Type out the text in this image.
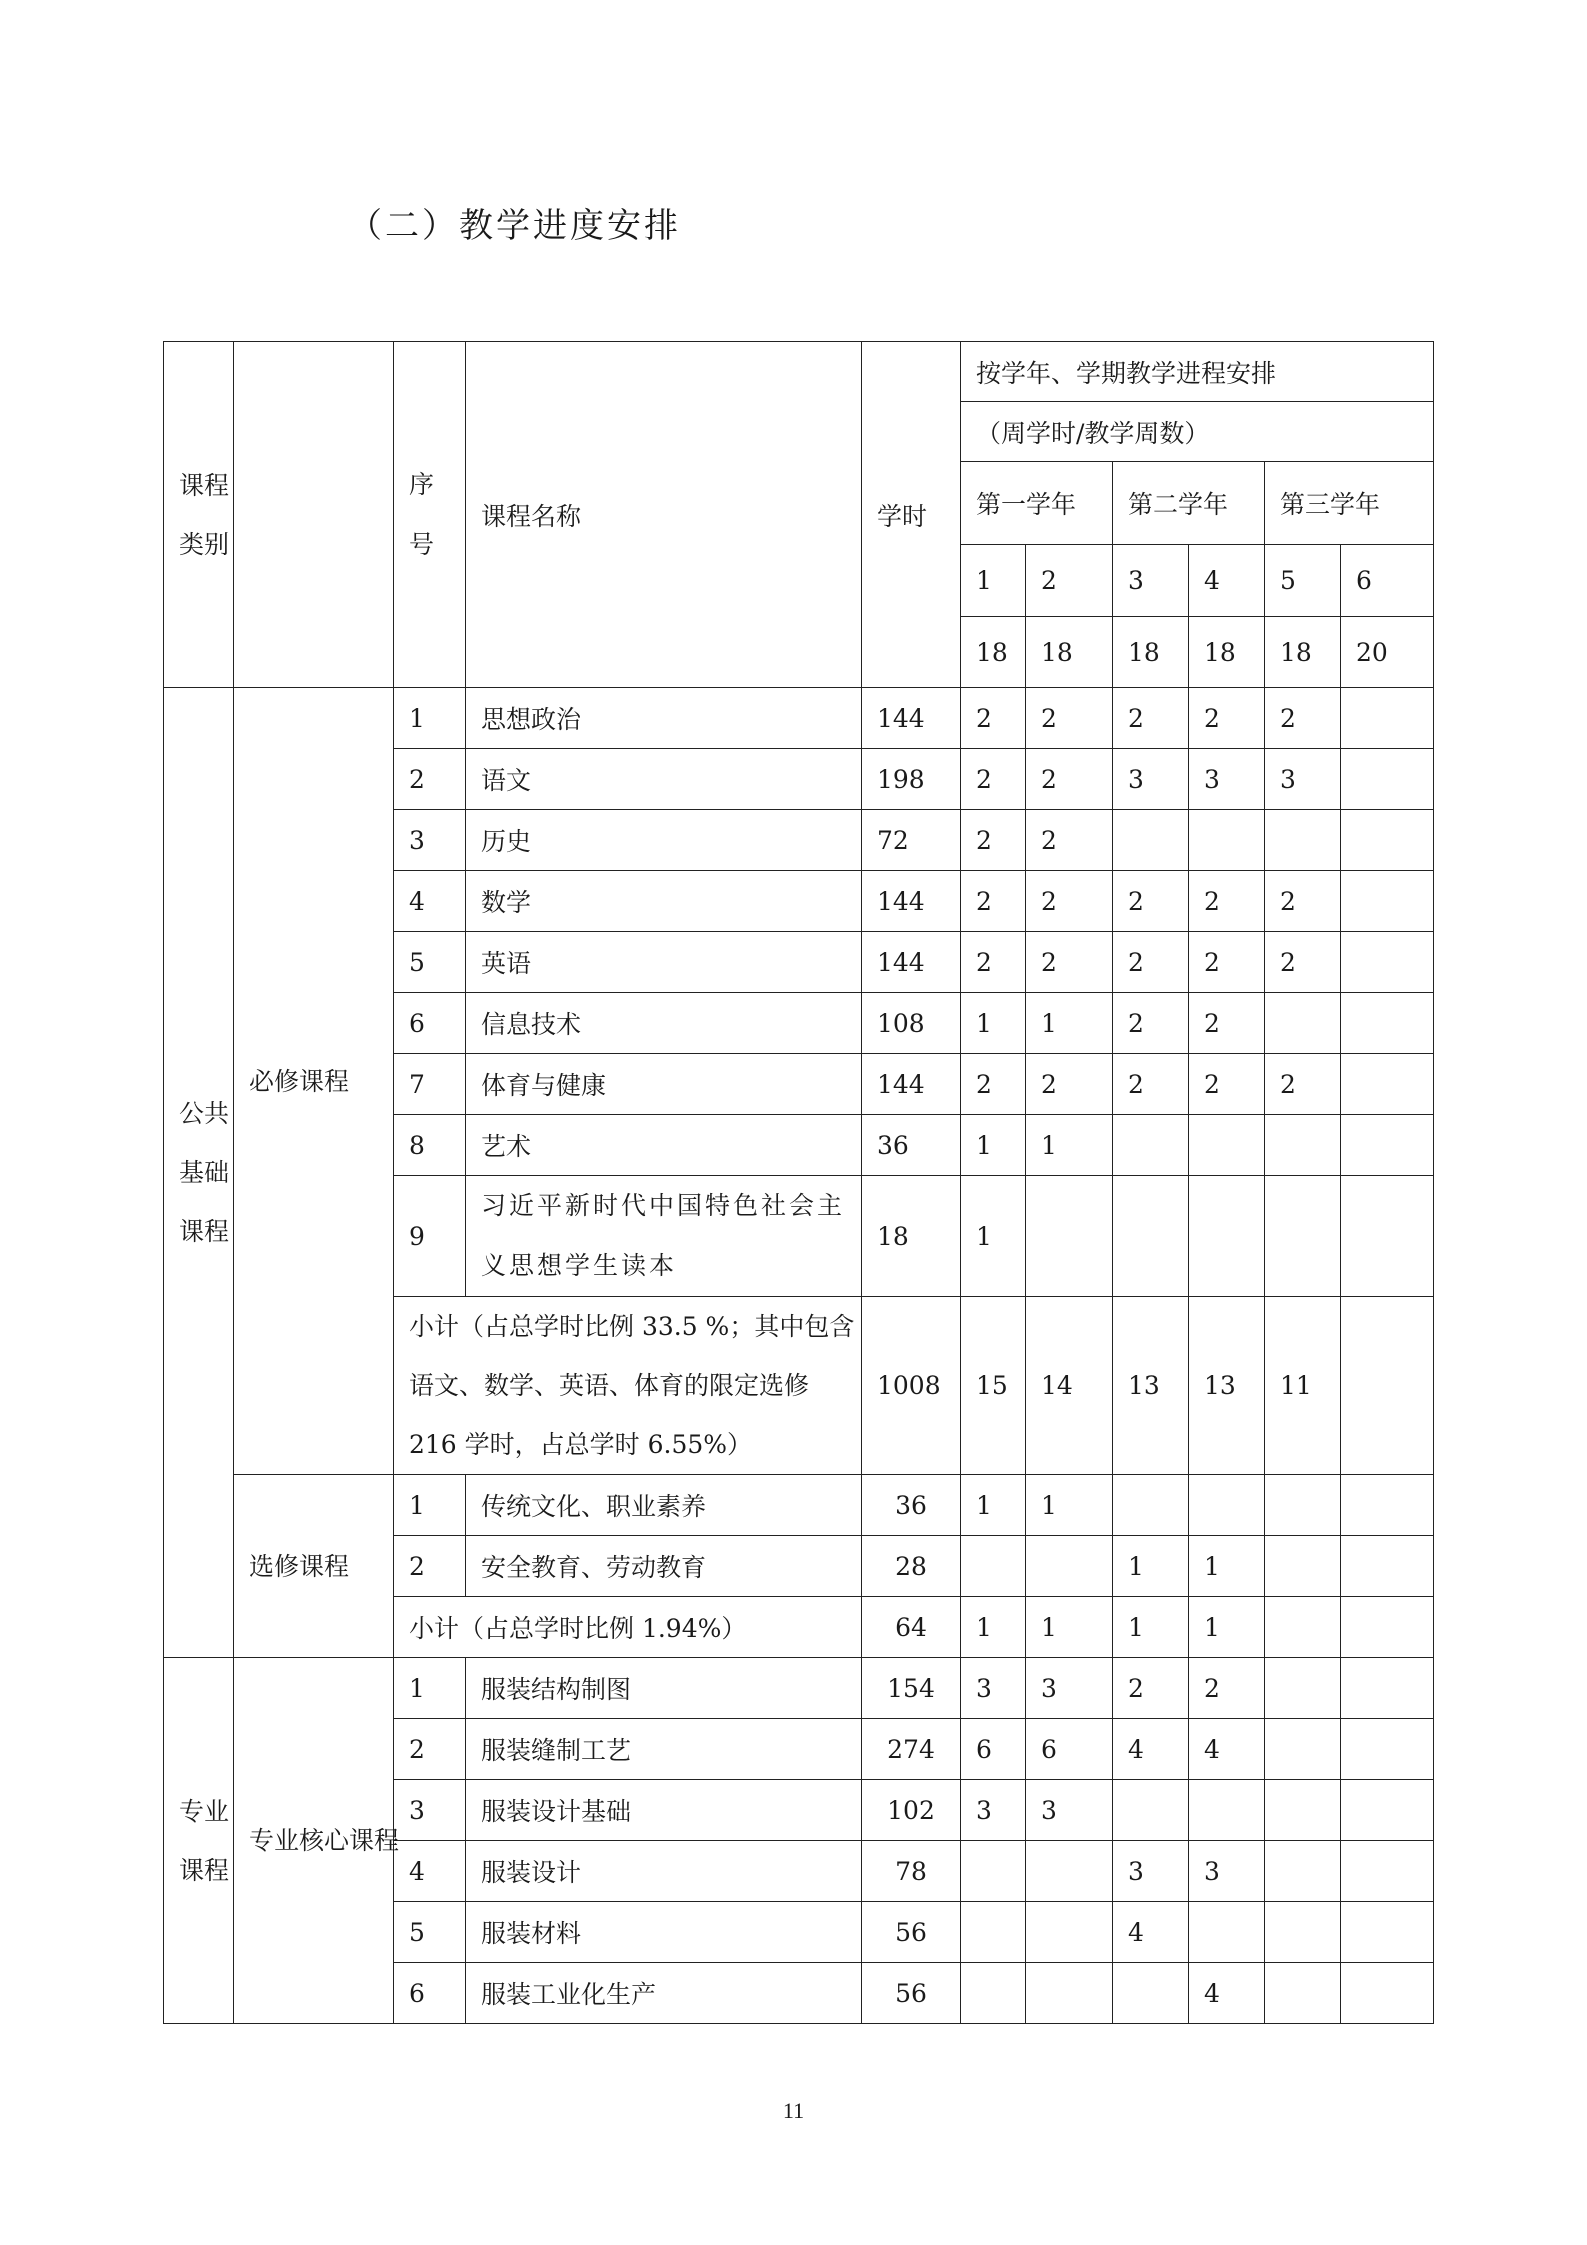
（二）教学进度安排
课程类别		序号	课程名称	学时	按学年、学期教学进程安排					
					（周学时/教学周数）					
					第一学年		第二学年		第三学年	
					1	2	3	4	5	6
					18	18	18	18	18	20
公共基础课程	必修课程	1	思想政治	144	2	2	2	2	2	
		2	语文	198	2	2	3	3	3	
		3	历史	72	2	2				
		4	数学	144	2	2	2	2	2	
		5	英语	144	2	2	2	2	2	
		6	信息技术	108	1	1	2	2		
		7	体育与健康	144	2	2	2	2	2	
		8	艺术	36	1	1				
		9	习近平新时代中国特色社会主义思想学生读本	18	1					
		小计（占总学时比例 33.5 %；其中包含语文、数学、英语、体育的限定选修 216 学时，占总学时 6.55%）		1008	15	14	13	13	11	
	选修课程	1	传统文化、职业素养	36	1	1				
		2	安全教育、劳动教育	28			1	1		
		小计（占总学时比例 1.94%）		64	1	1	1	1		
专业课程	专业核心课程	1	服装结构制图	154	3	3	2	2		
		2	服装缝制工艺	274	6	6	4	4		
		3	服装设计基础	102	3	3				
		4	服装设计	78			3	3		
		5	服装材料	56			4			
		6	服装工业化生产	56				4		
11
